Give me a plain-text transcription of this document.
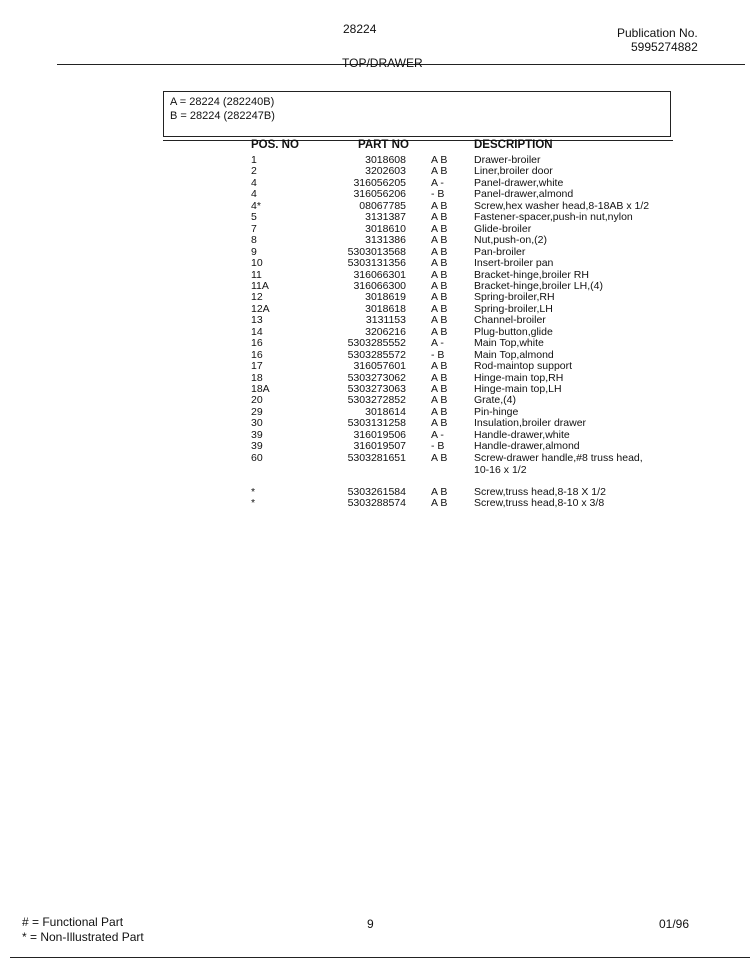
28224	Publication No.
5995274882
TOP/DRAWER
A = 28224 (282240B)
B = 28224 (282247B)
POS. NO	PART NO	DESCRIPTION
1	3018608 A B	Drawer-broiler
2	3202603 A B	Liner,broiler door
4	316056205 A -	Panel-drawer,white
4	316056206 - B	Panel-drawer,almond
4*	08067785 A B	Screw,hex washer head,8-18AB x 1/2
5	3131387 A B	Fastener-spacer,push-in nut,nylon
7	3018610 A B	Glide-broiler
8	3131386 A B	Nut,push-on,(2)
9	5303013568 A B	Pan-broiler
10	5303131356 A B	Insert-broiler pan
11	316066301 A B	Bracket-hinge,broiler RH
11A	316066300 A B	Bracket-hinge,broiler LH,(4)
12	3018619 A B	Spring-broiler,RH
12A	3018618 A B	Spring-broiler,LH
13	3131153 A B	Channel-broiler
14	3206216 A B	Plug-button,glide
16	5303285552 A -	Main Top,white
16	5303285572 - B	Main Top,almond
17	316057601 A B	Rod-maintop support
18	5303273062 A B	Hinge-main top,RH
18A	5303273063 A B	Hinge-main top,LH
20	5303272852 A B	Grate,(4)
29	3018614 A B	Pin-hinge
30	5303131258 A B	Insulation,broiler drawer
39	316019506 A -	Handle-drawer,white
39	316019507 - B	Handle-drawer,almond
60	5303281651 A B	Screw-drawer handle,#8 truss head,
10-16 x 1/2
*	5303261584 A B	Screw,truss head,8-18 X 1/2
*	5303288574 A B	Screw,truss head,8-10 x 3/8
# = Functional Part
* = Non-Illustrated Part
9	01/96
